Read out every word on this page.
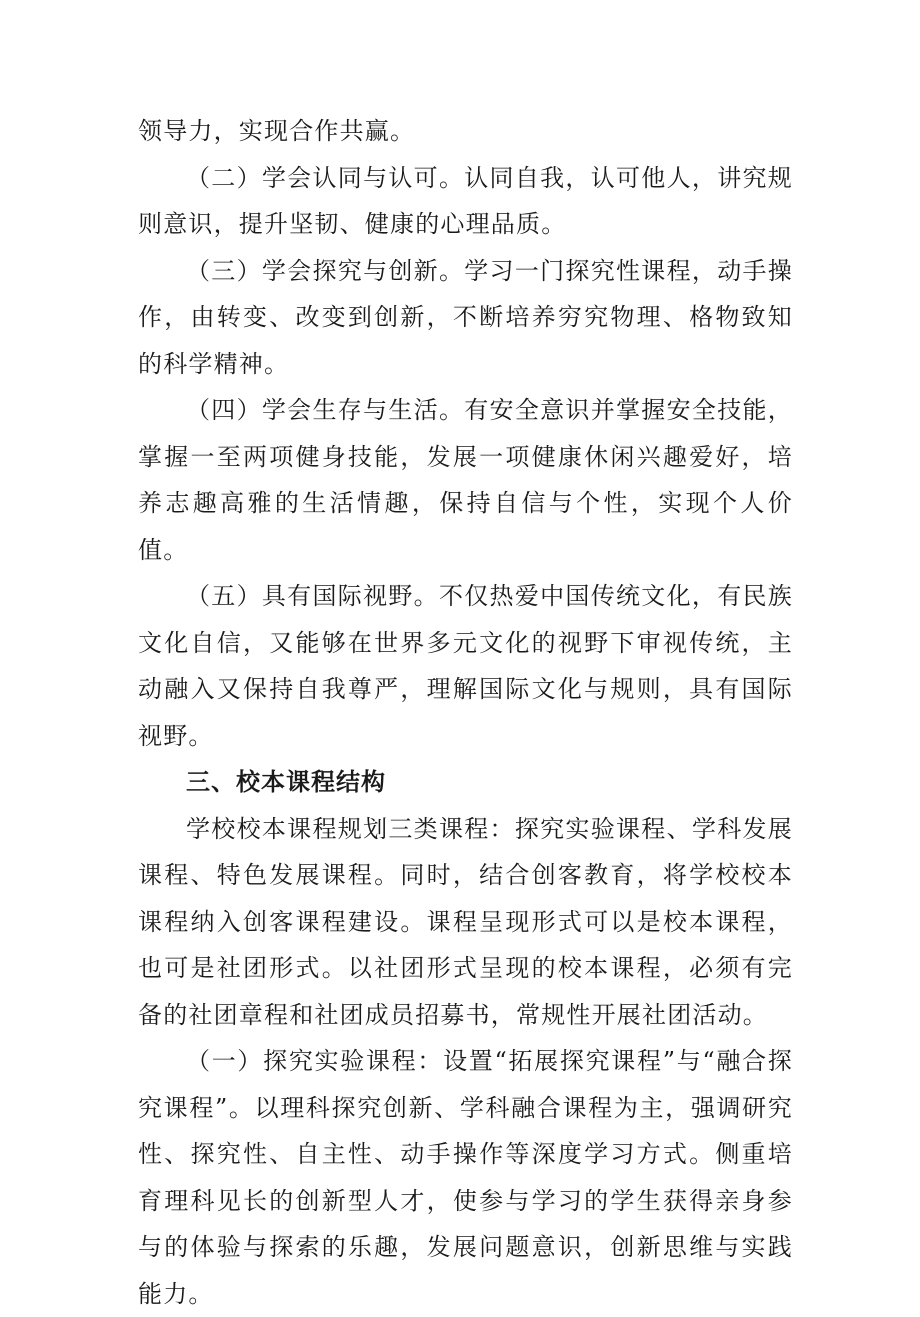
领导力，实现合作共赢。

（二）学会认同与认可。认同自我，认可他人，讲究规则意识，提升坚韧、健康的心理品质。

（三）学会探究与创新。学习一门探究性课程，动手操作，由转变、改变到创新，不断培养穷究物理、格物致知的科学精神。

（四）学会生存与生活。有安全意识并掌握安全技能，掌握一至两项健身技能，发展一项健康休闲兴趣爱好，培养志趣高雅的生活情趣，保持自信与个性，实现个人价值。

（五）具有国际视野。不仅热爱中国传统文化，有民族文化自信，又能够在世界多元文化的视野下审视传统，主动融入又保持自我尊严，理解国际文化与规则，具有国际视野。

三、校本课程结构

学校校本课程规划三类课程：探究实验课程、学科发展课程、特色发展课程。同时，结合创客教育，将学校校本课程纳入创客课程建设。课程呈现形式可以是校本课程，也可是社团形式。以社团形式呈现的校本课程，必须有完备的社团章程和社团成员招募书，常规性开展社团活动。

（一）探究实验课程：设置“拓展探究课程”与“融合探究课程”。以理科探究创新、学科融合课程为主，强调研究性、探究性、自主性、动手操作等深度学习方式。侧重培育理科见长的创新型人才，使参与学习的学生获得亲身参与的体验与探索的乐趣，发展问题意识，创新思维与实践能力。
